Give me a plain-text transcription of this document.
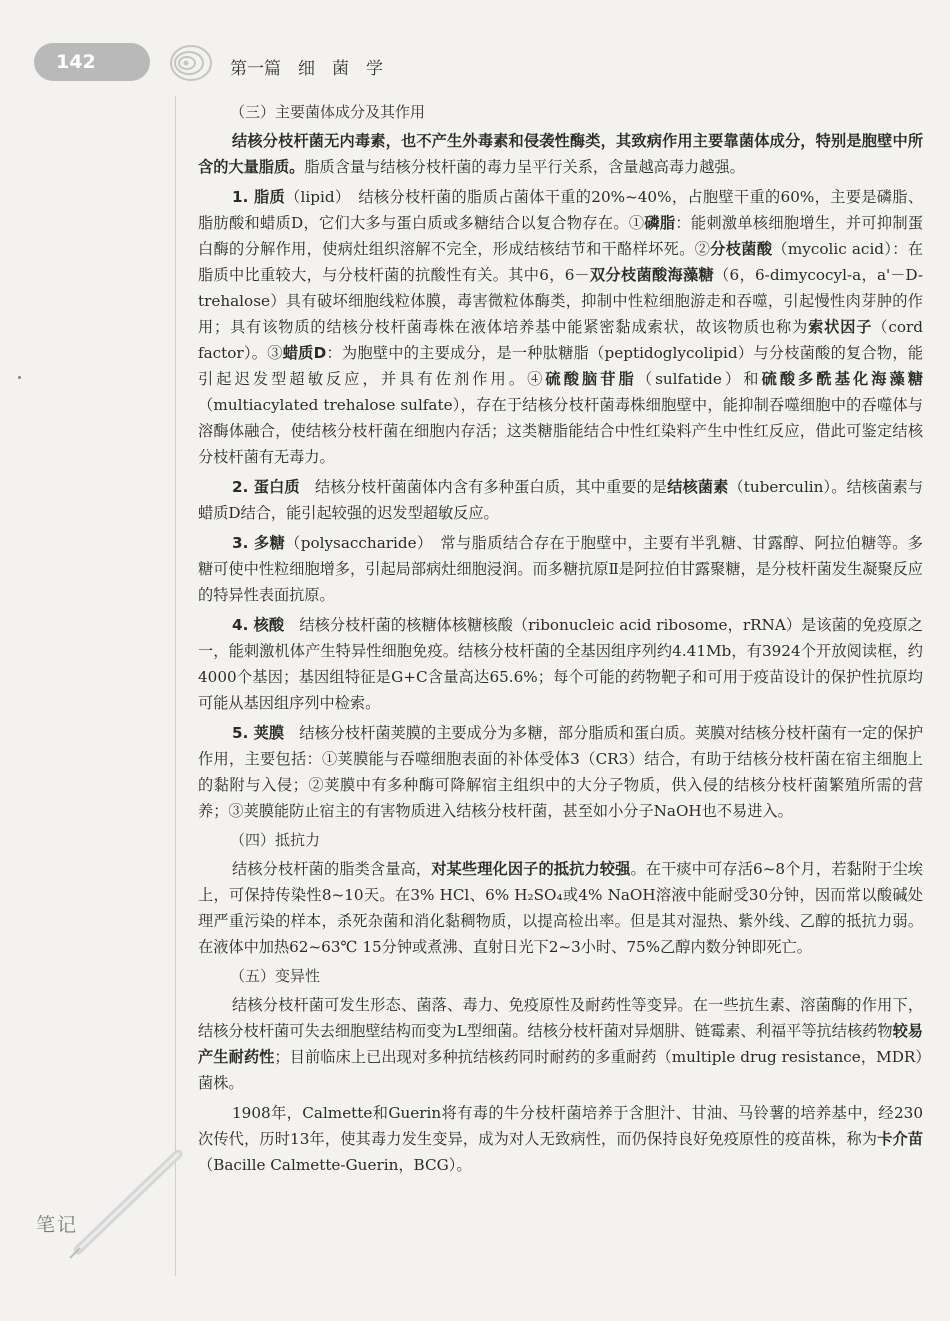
142	第一篇　细　菌　学
（三）主要菌体成分及其作用

结核分枝杆菌无内毒素，也不产生外毒素和侵袭性酶类，其致病作用主要靠菌体成分，特别是胞壁中所含的大量脂质。脂质含量与结核分枝杆菌的毒力呈平行关系，含量越高毒力越强。

1. 脂质（lipid）　结核分枝杆菌的脂质占菌体干重的20%~40%，占胞壁干重的60%，主要是磷脂、脂肪酸和蜡质D，它们大多与蛋白质或多糖结合以复合物存在。①磷脂：能刺激单核细胞增生，并可抑制蛋白酶的分解作用，使病灶组织溶解不完全，形成结核结节和干酪样坏死。②分枝菌酸（mycolic acid）：在脂质中比重较大，与分枝杆菌的抗酸性有关。其中6，6－双分枝菌酸海藻糖（6，6-dimycocyl-a，a'－D-trehalose）具有破坏细胞线粒体膜，毒害微粒体酶类，抑制中性粒细胞游走和吞噬，引起慢性肉芽肿的作用；具有该物质的结核分枝杆菌毒株在液体培养基中能紧密黏成索状，故该物质也称为索状因子（cord factor）。③蜡质D：为胞壁中的主要成分，是一种肽糖脂（peptidoglycolipid）与分枝菌酸的复合物，能引起迟发型超敏反应，并具有佐剂作用。④硫酸脑苷脂（sulfatide）和硫酸多酰基化海藻糖（multiacylated trehalose sulfate），存在于结核分枝杆菌毒株细胞壁中，能抑制吞噬细胞中的吞噬体与溶酶体融合，使结核分枝杆菌在细胞内存活；这类糖脂能结合中性红染料产生中性红反应，借此可鉴定结核分枝杆菌有无毒力。

2. 蛋白质　结核分枝杆菌菌体内含有多种蛋白质，其中重要的是结核菌素（tuberculin）。结核菌素与蜡质D结合，能引起较强的迟发型超敏反应。

3. 多糖（polysaccharide）　常与脂质结合存在于胞壁中，主要有半乳糖、甘露醇、阿拉伯糖等。多糖可使中性粒细胞增多，引起局部病灶细胞浸润。而多糖抗原Ⅱ是阿拉伯甘露聚糖，是分枝杆菌发生凝聚反应的特异性表面抗原。

4. 核酸　结核分枝杆菌的核糖体核糖核酸（ribonucleic acid ribosome，rRNA）是该菌的免疫原之一，能刺激机体产生特异性细胞免疫。结核分枝杆菌的全基因组序列约4.41Mb，有3924个开放阅读框，约4000个基因；基因组特征是G+C含量高达65.6%；每个可能的药物靶子和可用于疫苗设计的保护性抗原均可能从基因组序列中检索。

5. 荚膜　结核分枝杆菌荚膜的主要成分为多糖，部分脂质和蛋白质。荚膜对结核分枝杆菌有一定的保护作用，主要包括：①荚膜能与吞噬细胞表面的补体受体3（CR3）结合，有助于结核分枝杆菌在宿主细胞上的黏附与入侵；②荚膜中有多种酶可降解宿主组织中的大分子物质，供入侵的结核分枝杆菌繁殖所需的营养；③荚膜能防止宿主的有害物质进入结核分枝杆菌，甚至如小分子NaOH也不易进入。

（四）抵抗力

结核分枝杆菌的脂类含量高，对某些理化因子的抵抗力较强。在干痰中可存活6~8个月，若黏附于尘埃上，可保持传染性8~10天。在3% HCl、6% H₂SO₄或4% NaOH溶液中能耐受30分钟，因而常以酸碱处理严重污染的样本，杀死杂菌和消化黏稠物质，以提高检出率。但是其对湿热、紫外线、乙醇的抵抗力弱。在液体中加热62~63℃ 15分钟或煮沸、直射日光下2~3小时、75%乙醇内数分钟即死亡。

（五）变异性

结核分枝杆菌可发生形态、菌落、毒力、免疫原性及耐药性等变异。在一些抗生素、溶菌酶的作用下，结核分枝杆菌可失去细胞壁结构而变为L型细菌。结核分枝杆菌对异烟肼、链霉素、利福平等抗结核药物较易产生耐药性；目前临床上已出现对多种抗结核药同时耐药的多重耐药（multiple drug resistance，MDR）菌株。

1908年，Calmette和Guerin将有毒的牛分枝杆菌培养于含胆汁、甘油、马铃薯的培养基中，经230次传代，历时13年，使其毒力发生变异，成为对人无致病性，而仍保持良好免疫原性的疫苗株，称为卡介苗（Bacille Calmette-Guerin，BCG）。

笔记
